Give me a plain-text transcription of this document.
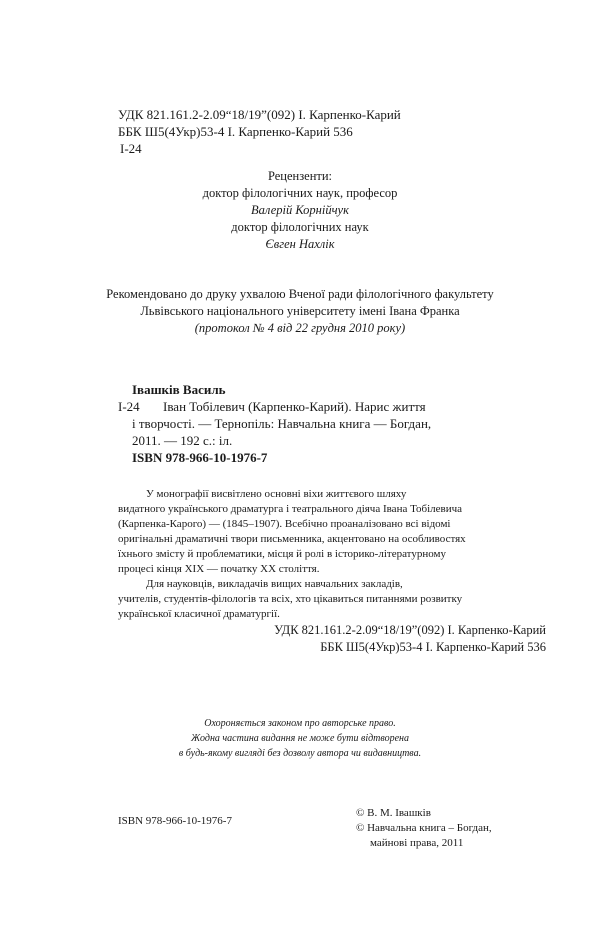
УДК 821.161.2-2.09“18/19”(092) І. Карпенко-Карий
ББК Ш5(4Укр)53-4 І. Карпенко-Карий 536
І-24
Рецензенти:
доктор філологічних наук, професор
Валерій Корнійчук
доктор філологічних наук
Євген Нахлік
Рекомендовано до друку ухвалою Вченої ради філологічного факультету
Львівського національного університету імені Івана Франка
(протокол № 4 від 22 грудня 2010 року)
Івашків Василь
І-24	Іван Тобілевич (Карпенко-Карий). Нарис життя
і творчості. — Тернопіль: Навчальна книга — Богдан,
2011. — 192 с.: іл.
ISBN 978-966-10-1976-7
У монографії висвітлено основні віхи життєвого шляху
видатного українського драматурга і театрального діяча Івана Тобілевича
(Карпенка-Карого) — (1845–1907). Всебічно проаналізовано всі відомі
оригінальні драматичні твори письменника, акцентовано на особливостях
їхнього змісту й проблематики, місця й ролі в історико-літературному
процесі кінця XIX — початку XX століття.
Для науковців, викладачів вищих навчальних закладів,
учителів, студентів-філологів та всіх, хто цікавиться питаннями розвитку
української класичної драматургії.
УДК 821.161.2-2.09“18/19”(092) І. Карпенко-Карий
ББК Ш5(4Укр)53-4 І. Карпенко-Карий 536
Охороняється законом про авторське право.
Жодна частина видання не може бути відтворена
в будь-якому вигляді без дозволу автора чи видавництва.
ISBN 978-966-10-1976-7
© В. М. Івашків
© Навчальна книга – Богдан,
майнові права, 2011
